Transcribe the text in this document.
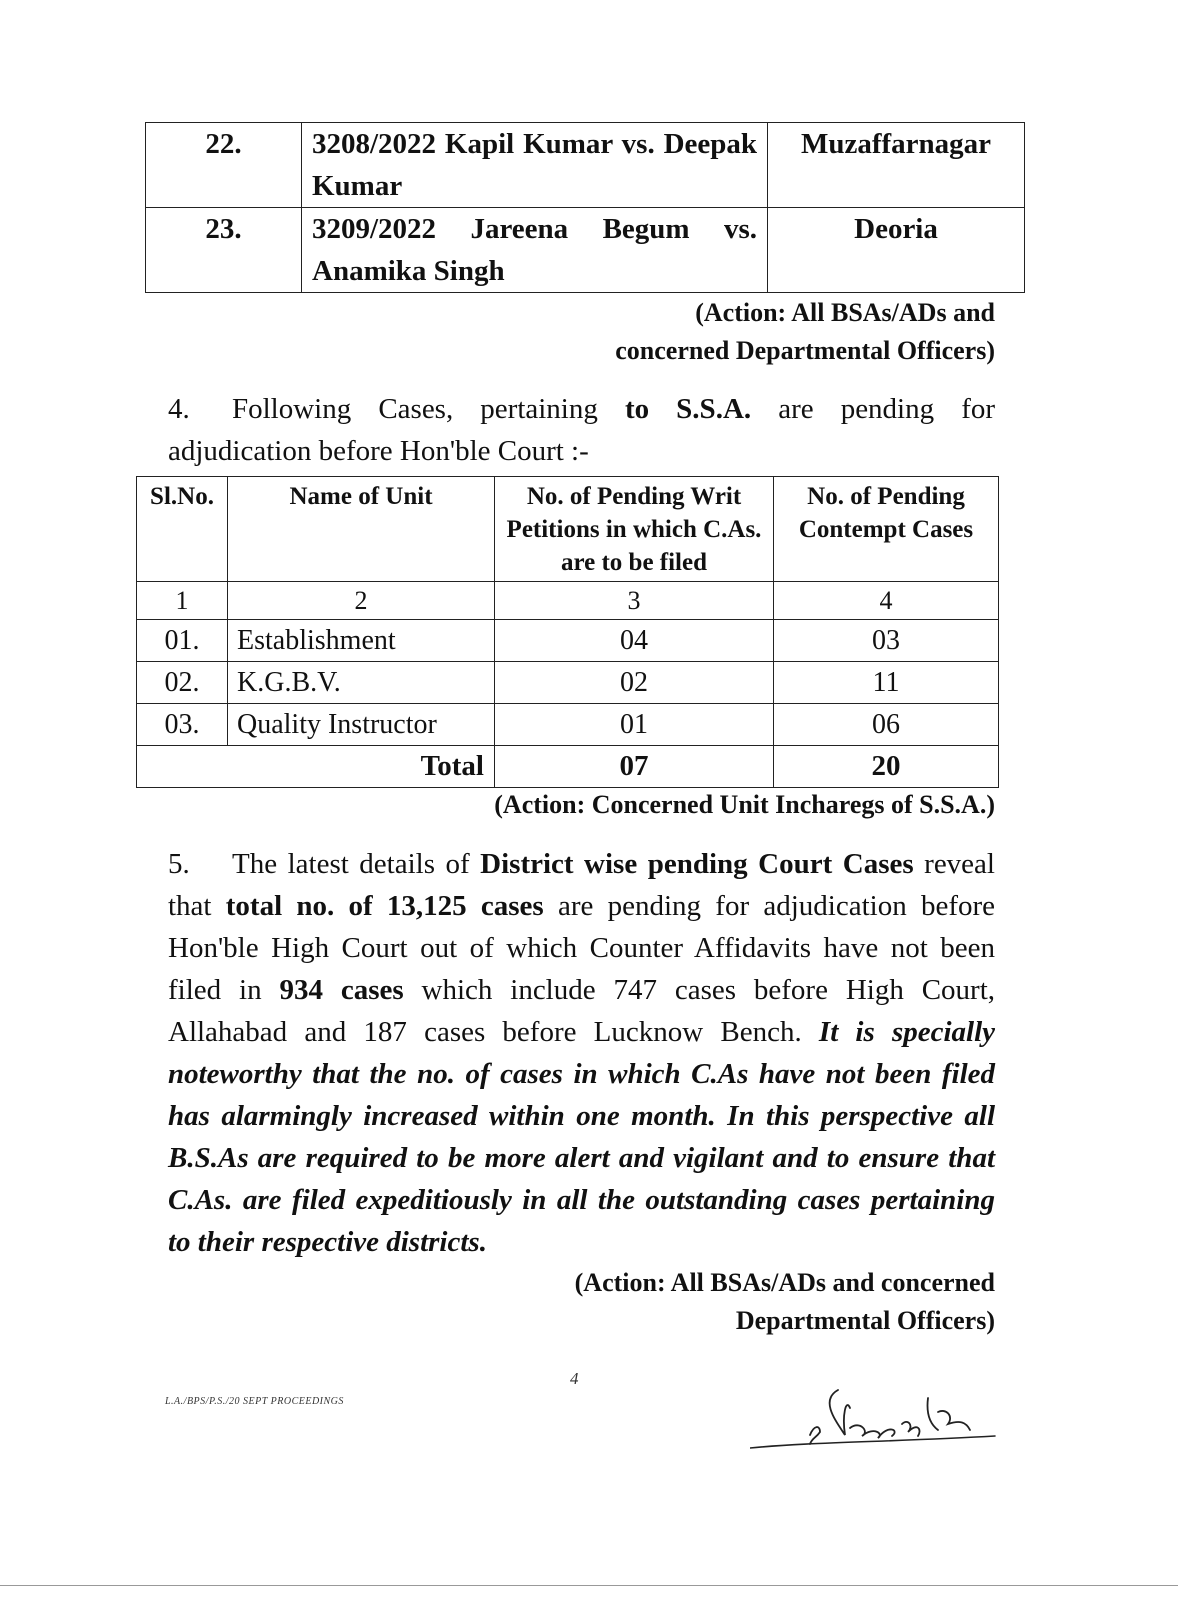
22.	3208/2022 Kapil Kumar vs. Deepak Kumar	Muzaffarnagar
23.	3209/2022 Jareena Begum vs. Anamika Singh	Deoria
(Action: All BSAs/ADs and
concerned Departmental Officers)
4. Following Cases, pertaining to S.S.A. are pending for adjudication before Hon'ble Court :-
Sl.No.	Name of Unit	No. of Pending Writ Petitions in which C.As. are to be filed	No. of Pending Contempt Cases
1	2	3	4
01.	Establishment	04	03
02.	K.G.B.V.	02	11
03.	Quality Instructor	01	06
Total		07	20
(Action: Concerned Unit Incharegs of S.S.A.)
5. The latest details of District wise pending Court Cases reveal that total no. of 13,125 cases are pending for adjudication before Hon'ble High Court out of which Counter Affidavits have not been filed in 934 cases which include 747 cases before High Court, Allahabad and 187 cases before Lucknow Bench. It is specially noteworthy that the no. of cases in which C.As have not been filed has alarmingly increased within one month. In this perspective all B.S.As are required to be more alert and vigilant and to ensure that C.As. are filed expeditiously in all the outstanding cases pertaining to their respective districts.
(Action: All BSAs/ADs and concerned
Departmental Officers)
L.A./BPS/P.S./20 SEPT PROCEEDINGS
4
